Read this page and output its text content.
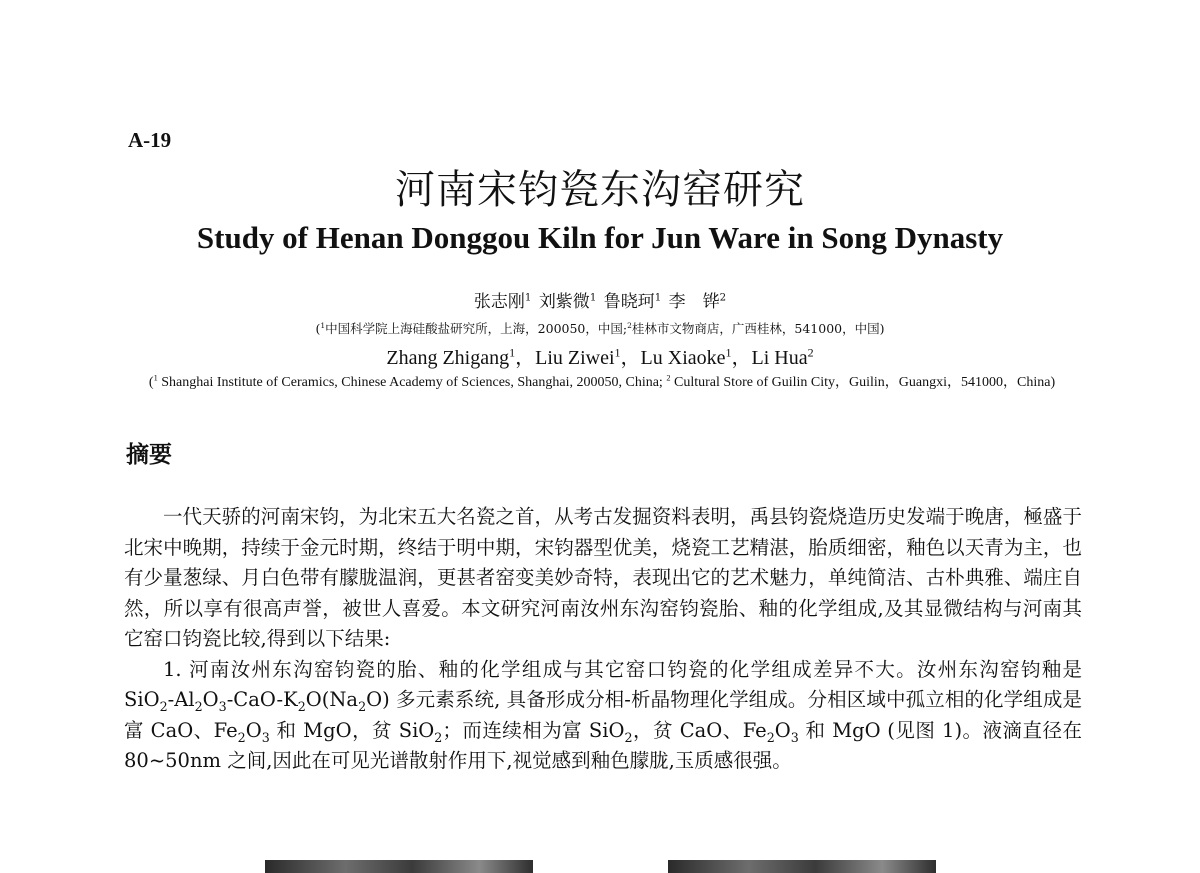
A-19
河南宋钧瓷东沟窑研究
Study of Henan Donggou Kiln for Jun Ware in Song Dynasty
张志刚$^1$ 刘紫微$^1$ 鲁晓珂$^1$ 李　铧$^2$
($^1$中国科学院上海硅酸盐研究所，上海，200050，中国;$^2$桂林市文物商店，广西桂林，541000，中国)
Zhang Zhigang$^1$，Liu Ziwei$^1$，Lu Xiaoke$^1$，Li Hua$^2$
($^1$ Shanghai Institute of Ceramics, Chinese Academy of Sciences, Shanghai, 200050, China; $^2$ Cultural Store of Guilin City，Guilin，Guangxi，541000，China)
摘要

一代天骄的河南宋钧，为北宋五大名瓷之首，从考古发掘资料表明，禹县钧瓷烧造历史发端于晚唐，極盛于北宋中晚期，持续于金元时期，终结于明中期，宋钧器型优美，烧瓷工艺精湛，胎质细密，釉色以天青为主，也有少量葱绿、月白色带有朦胧温润，更甚者窑变美妙奇特，表现出它的艺术魅力，单纯简洁、古朴典雅、端庄自然，所以享有很高声誉，被世人喜爱。本文研究河南汝州东沟窑钧瓷胎、釉的化学组成,及其显微结构与河南其它窑口钧瓷比较,得到以下结果:

1. 河南汝州东沟窑钧瓷的胎、釉的化学组成与其它窑口钧瓷的化学组成差异不大。汝州东沟窑钧釉是 $SiO_2-Al_2O_3-CaO-K_2O(Na_2O)$ 多元素系统, 具备形成分相-析晶物理化学组成。分相区域中孤立相的化学组成是富 CaO、$Fe_2O_3$ 和 MgO，贫 SiO$_2$；而连续相为富 SiO$_2$，贫 CaO、$Fe_2O_3$ 和 MgO (见图 1)。液滴直径在 80~50nm 之间,因此在可见光谱散射作用下,视觉感到釉色朦胧,玉质感很强。
